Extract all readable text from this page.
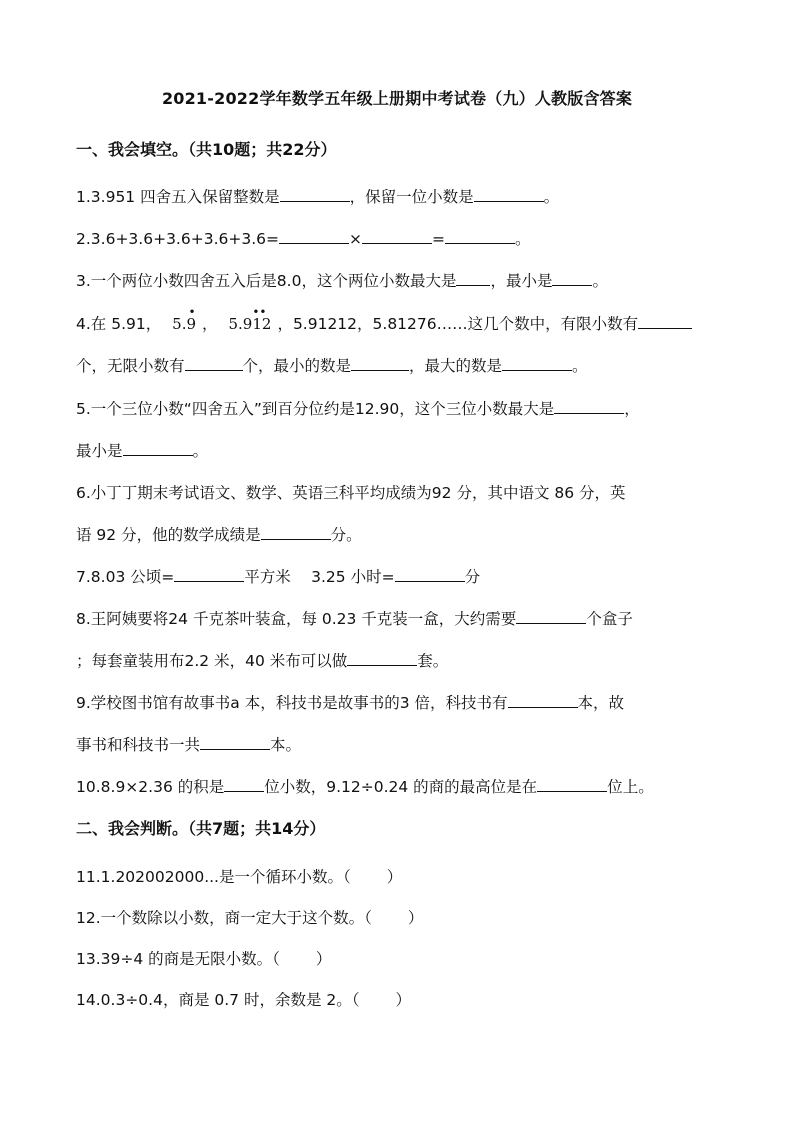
2021-2022学年数学五年级上册期中考试卷（九）人教版含答案
一、我会填空。（共10题；共22分）
1.3.951 四舍五入保留整数是	，保留一位小数是	。
2.3.6+3.6+3.6+3.6+3.6=	×	=	。
3.一个两位小数四舍五入后是8.0，这个两位小数最大是 ，最小是	。
4.在 5.91， 5.
•
9 ， 5.9
••
12 ，5.91212，5.81276……这几个数中，有限小数有
个，无限小数有	个，最小的数是	，最大的数是	。
5.一个三位小数“四舍五入”到百分位约是12.90，这个三位小数最大是	，
最小是	。
6.小丁丁期末考试语文、数学、英语三科平均成绩为92 分，其中语文 86 分，英
语 92 分，他的数学成绩是	分。
7.8.03 公顷=	平方米　 3.25 小时=	分
8.王阿姨要将24 千克茶叶装盒，每 0.23 千克装一盒，大约需要	个盒子
；每套童装用布2.2 米，40 米布可以做	套。
9.学校图书馆有故事书a 本，科技书是故事书的3 倍，科技书有	本，故
事书和科技书一共	本。
10.8.9×2.36 的积是	位小数，9.12÷0.24 的商的最高位是在	位上。
二、我会判断。（共7题；共14分）
11.1.202002000...是一个循环小数。（ ）
12.一个数除以小数，商一定大于这个数。（ ）
13.39÷4 的商是无限小数。（ ）
14.0.3÷0.4，商是 0.7 时，余数是 2。（ ）
